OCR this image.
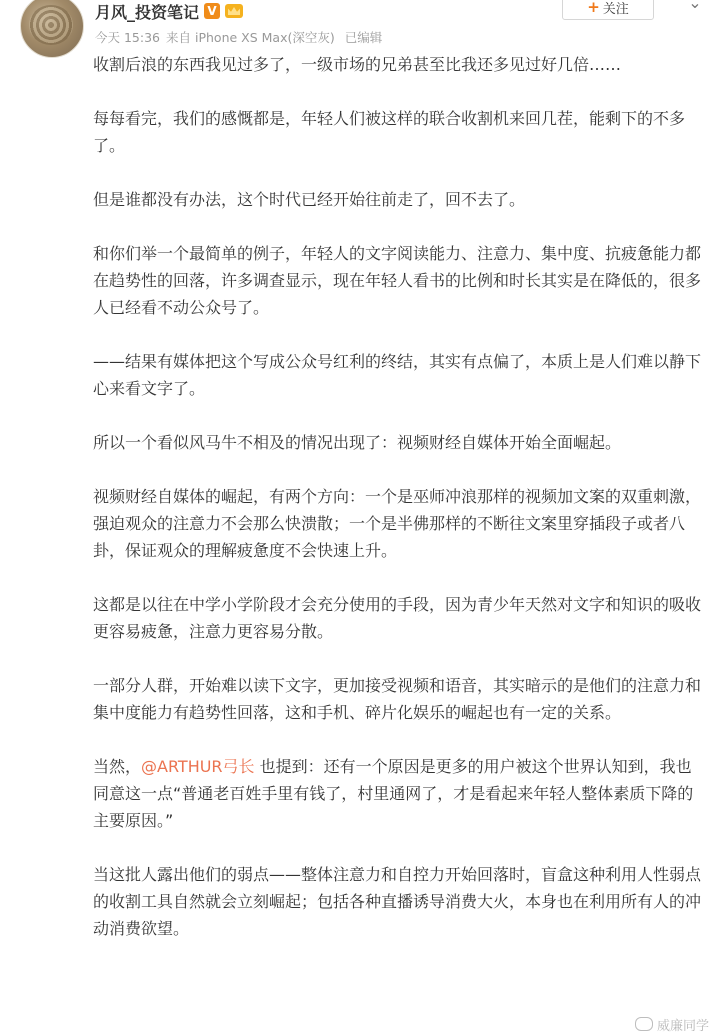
月风_投资笔记 V	+ 关注	⌄
今天 15:36 来自 iPhone XS Max(深空灰) 已编辑

收割后浪的东西我见过多了，一级市场的兄弟甚至比我还多见过好几倍……

每每看完，我们的感慨都是，年轻人们被这样的联合收割机来回几茬，能剩下的不多了。

但是谁都没有办法，这个时代已经开始往前走了，回不去了。

和你们举一个最简单的例子，年轻人的文字阅读能力、注意力、集中度、抗疲惫能力都在趋势性的回落，许多调查显示，现在年轻人看书的比例和时长其实是在降低的，很多人已经看不动公众号了。

——结果有媒体把这个写成公众号红利的终结，其实有点偏了，本质上是人们难以静下心来看文字了。

所以一个看似风马牛不相及的情况出现了：视频财经自媒体开始全面崛起。

视频财经自媒体的崛起，有两个方向：一个是巫师冲浪那样的视频加文案的双重刺激，强迫观众的注意力不会那么快溃散；一个是半佛那样的不断往文案里穿插段子或者八卦，保证观众的理解疲惫度不会快速上升。

这都是以往在中学小学阶段才会充分使用的手段，因为青少年天然对文字和知识的吸收更容易疲惫，注意力更容易分散。

一部分人群，开始难以读下文字，更加接受视频和语音，其实暗示的是他们的注意力和集中度能力有趋势性回落，这和手机、碎片化娱乐的崛起也有一定的关系。

当然，@ARTHUR弓长 也提到：还有一个原因是更多的用户被这个世界认知到，我也同意这一点“普通老百姓手里有钱了，村里通网了，才是看起来年轻人整体素质下降的主要原因。”

当这批人露出他们的弱点——整体注意力和自控力开始回落时，盲盒这种利用人性弱点的收割工具自然就会立刻崛起；包括各种直播诱导消费大火，本身也在利用所有人的冲动消费欲望。

威廉同学
